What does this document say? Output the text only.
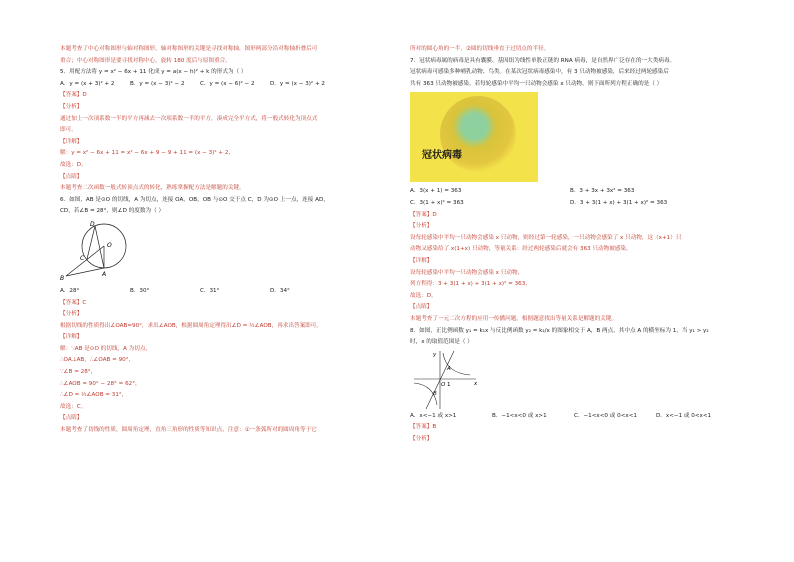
本题考查了中心对称图形与轴对称图形，轴对称图形的关键是寻找对称轴，图形两部分沿对称轴折叠后可
重合；中心对称图形是要寻找对称中心，旋转 180 度后与原图重合。
5．用配方法将 y = x² − 6x + 11 化成 y = a(x − h)² + k 的形式为（ ）
A．y = (x + 3)² + 2	B．y = (x − 3)² − 2	C．y = (x − 6)² − 2	D．y = (x − 3)² + 2
【答案】D
【分析】
通过加上一次项系数一半的平方再减去一次项系数一半的平方，凑成完全平方式，将一般式转化为顶点式
即可。
【详解】
解：y = x² − 6x + 11 = x² − 6x + 9 − 9 + 11 = (x − 3)² + 2，
故选：D。
【点睛】
本题考查二次函数一般式转顶点式的转化，熟练掌握配方法是解题的关键。
6．如图，AB 是⊙O 的切线，A 为切点，连接 OA，OB，OB 与⊙O 交于点 C，D 为⊙O 上一点，连接 AD，
CD，若∠B = 28°，则∠D 的度数为（ ）
D
C
O
B
A
A．28°	B．30°	C．31°	D．34°
【答案】C
【分析】
根据切线的性质得出∠OAB=90°，求出∠AOB，根据圆周角定理得出∠D = ½∠AOB，再求出答案即可。
【详解】
解：∵AB 是⊙O 的切线，A 为切点，
∴OA⊥AB，∴∠OAB = 90°，
∵∠B = 28°，
∴∠AOB = 90° − 28° = 62°，
∴∠D = ½∠AOB = 31°，
故选：C。
【点睛】
本题考查了切线的性质，圆周角定理，直角三角形的性质等知识点，注意：①一条弧所对的圆周角等于它
所对的圆心角的一半，②圆的切线垂直于过切点的半径。
7．冠状病毒属的病毒是具有囊膜、基因组为线性单股正链的 RNA 病毒，是自然界广泛存在的一大类病毒。
冠状病毒可感染多种哺乳动物、鸟类。在某次冠状病毒感染中，有 3 只动物被感染，后来经过两轮感染后
共有 363 只动物被感染。若每轮感染中平均一只动物会感染 x 只动物，则下面所列方程正确的是（ ）
冠状病毒
A．3(x + 1) = 363	B．3 + 3x + 3x² = 363
C．3(1 + x)² = 363	D．3 + 3(1 + x) + 3(1 + x)² = 363
【答案】D
【分析】
设每轮感染中平均一只动物会感染 x 只动物，则经过第一轮感染，一只动物会感染了 x 只动物，这（x+1）只
动物又感染给了 x(1+x) 只动物，等量关系：经过两轮感染后就会有 363 只动物被感染。
【详解】
设每轮感染中平均一只动物会感染 x 只动物，
列方程得：3 + 3(1 + x) + 3(1 + x)² = 363，
故选：D。
【点睛】
本题考查了一元二次方程的应用一传播问题，根据题意找出等量关系是解题的关键。
8．如图，正比例函数 y₁ = k₁x 与反比例函数 y₂ = k₂/x 的图象相交于 A，B 两点，其中点 A 的横坐标为 1，当 y₁ > y₂
时，x 的取值范围是（ ）
y
x
A
O 1
B
A．x<−1 或 x>1	B．−1<x<0 或 x>1	C．−1<x<0 或 0<x<1	D．x<−1 或 0<x<1
【答案】B
【分析】
